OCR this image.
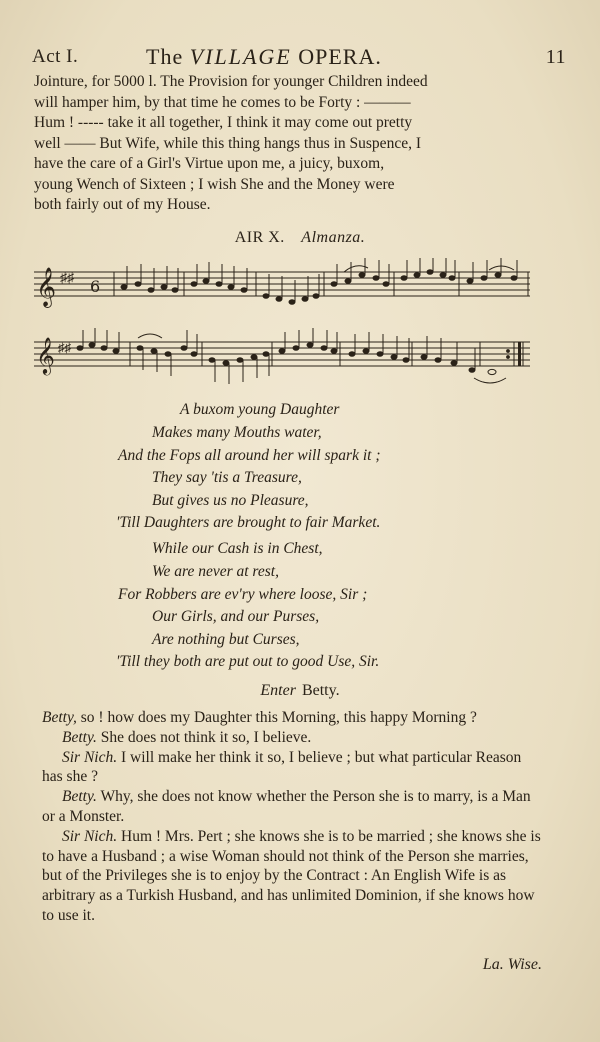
Act I.	The VILLAGE OPERA.	11
Jointure, for 5000 l. The Provision for younger Children indeed
will hamper him, by that time he comes to be Forty : ———
Hum ! ----- take it all together, I think it may come out pretty
well —— But Wife, while this thing hangs thus in Suspence, I
have the care of a Girl's Virtue upon me, a juicy, buxom,
young Wench of Sixteen ; I wish She and the Money were
both fairly out of my House.
AIR X. Almanza.
𝄞 ♯♯ 6
𝄞 ♯♯
A buxom young Daughter
Makes many Mouths water,
And the Fops all around her will spark it ;
They say 'tis a Treasure,
But gives us no Pleasure,
'Till Daughters are brought to fair Market.
While our Cash is in Chest,
We are never at rest,
For Robbers are ev'ry where loose, Sir ;
Our Girls, and our Purses,
Are nothing but Curses,
'Till they both are put out to good Use, Sir.
Enter Betty.

Betty, so ! how does my Daughter this Morning, this happy Morning ?

Betty. She does not think it so, I believe.

Sir Nich. I will make her think it so, I believe ; but what particular Reason has she ?

Betty. Why, she does not know whether the Person she is to marry, is a Man or a Monster.

Sir Nich. Hum ! Mrs. Pert ; she knows she is to be married ; she knows she is to have a Husband ; a wise Woman should not think of the Person she marries, but of the Privileges she is to enjoy by the Contract : An English Wife is as arbitrary as a Turkish Husband, and has unlimited Dominion, if she knows how to use it.

La. Wise.
